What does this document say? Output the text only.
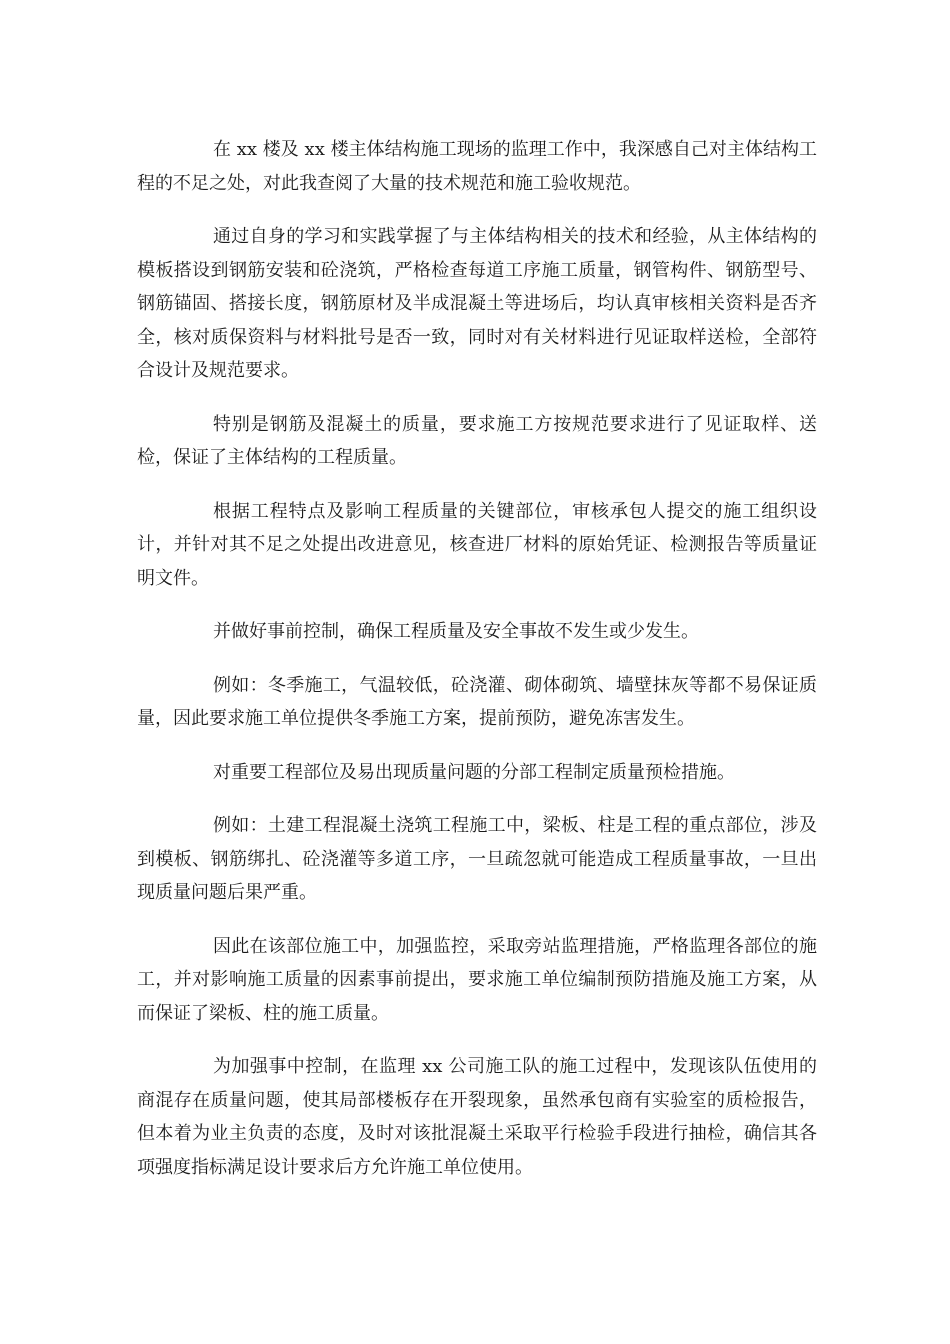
在 xx 楼及 xx 楼主体结构施工现场的监理工作中，我深感自己对主体结构工程的不足之处，对此我查阅了大量的技术规范和施工验收规范。

通过自身的学习和实践掌握了与主体结构相关的技术和经验，从主体结构的模板搭设到钢筋安装和砼浇筑，严格检查每道工序施工质量，钢管构件、钢筋型号、钢筋锚固、搭接长度，钢筋原材及半成混凝土等进场后，均认真审核相关资料是否齐全，核对质保资料与材料批号是否一致，同时对有关材料进行见证取样送检，全部符合设计及规范要求。

特别是钢筋及混凝土的质量，要求施工方按规范要求进行了见证取样、送检，保证了主体结构的工程质量。

根据工程特点及影响工程质量的关键部位，审核承包人提交的施工组织设计，并针对其不足之处提出改进意见，核查进厂材料的原始凭证、检测报告等质量证明文件。

并做好事前控制，确保工程质量及安全事故不发生或少发生。

例如：冬季施工，气温较低，砼浇灌、砌体砌筑、墙壁抹灰等都不易保证质量，因此要求施工单位提供冬季施工方案，提前预防，避免冻害发生。

对重要工程部位及易出现质量问题的分部工程制定质量预检措施。

例如：土建工程混凝土浇筑工程施工中，梁板、柱是工程的重点部位，涉及到模板、钢筋绑扎、砼浇灌等多道工序，一旦疏忽就可能造成工程质量事故，一旦出现质量问题后果严重。

因此在该部位施工中，加强监控，采取旁站监理措施，严格监理各部位的施工，并对影响施工质量的因素事前提出，要求施工单位编制预防措施及施工方案，从而保证了梁板、柱的施工质量。

为加强事中控制，在监理 xx 公司施工队的施工过程中，发现该队伍使用的商混存在质量问题，使其局部楼板存在开裂现象，虽然承包商有实验室的质检报告，但本着为业主负责的态度，及时对该批混凝土采取平行检验手段进行抽检，确信其各项强度指标满足设计要求后方允许施工单位使用。
